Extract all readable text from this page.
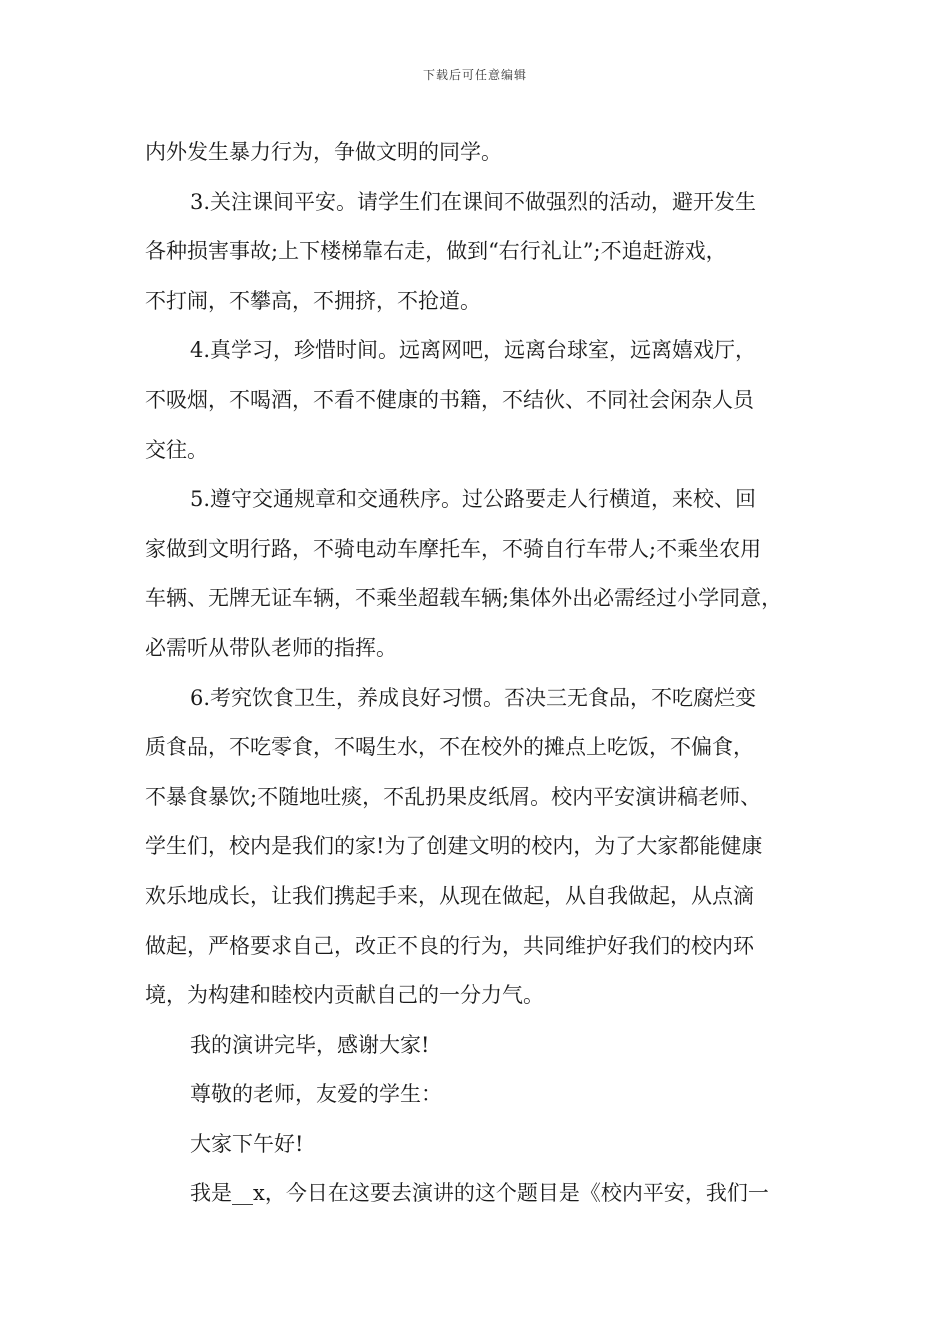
下载后可任意编辑
内外发生暴力行为，争做文明的同学。
3.关注课间平安。请学生们在课间不做强烈的活动，避开发生
各种损害事故;上下楼梯靠右走，做到“右行礼让”;不追赶游戏，
不打闹，不攀高，不拥挤，不抢道。
4.真学习，珍惜时间。远离网吧，远离台球室，远离嬉戏厅，
不吸烟，不喝酒，不看不健康的书籍，不结伙、不同社会闲杂人员
交往。
5.遵守交通规章和交通秩序。过公路要走人行横道，来校、回
家做到文明行路，不骑电动车摩托车，不骑自行车带人;不乘坐农用
车辆、无牌无证车辆，不乘坐超载车辆;集体外出必需经过小学同意，
必需听从带队老师的指挥。
6.考究饮食卫生，养成良好习惯。否决三无食品，不吃腐烂变
质食品，不吃零食，不喝生水，不在校外的摊点上吃饭，不偏食，
不暴食暴饮;不随地吐痰，不乱扔果皮纸屑。校内平安演讲稿老师、
学生们，校内是我们的家!为了创建文明的校内，为了大家都能健康
欢乐地成长，让我们携起手来，从现在做起，从自我做起，从点滴
做起，严格要求自己，改正不良的行为，共同维护好我们的校内环
境，为构建和睦校内贡献自己的一分力气。
我的演讲完毕，感谢大家!
尊敬的老师，友爱的学生：
大家下午好!
我是__x，今日在这要去演讲的这个题目是《校内平安，我们一
